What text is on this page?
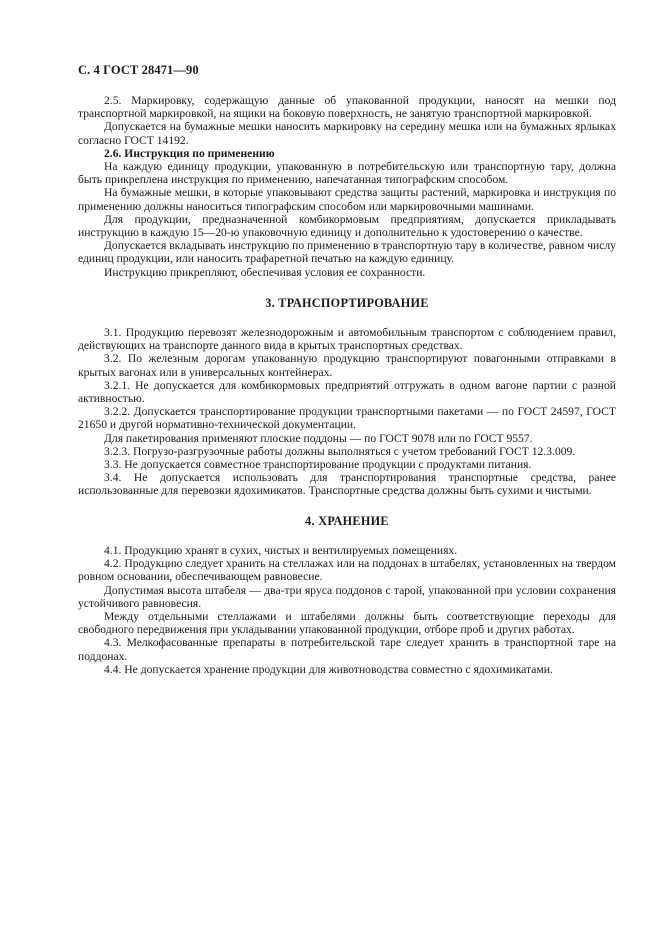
С. 4 ГОСТ 28471—90

2.5. Маркировку, содержащую данные об упакованной продукции, наносят на мешки под транспортной маркировкой, на ящики на боковую поверхность, не занятую транспортной маркировкой.

Допускается на бумажные мешки наносить маркировку на середину мешка или на бумажных ярлыках согласно ГОСТ 14192.

2.6. Инструкция по применению

На каждую единицу продукции, упакованную в потребительскую или транспортную тару, должна быть прикреплена инструкция по применению, напечатанная типографским способом.

На бумажные мешки, в которые упаковывают средства защиты растений, маркировка и инструкция по применению должны наноситься типографским способом или маркировочными машинами.

Для продукции, предназначенной комбикормовым предприятиям, допускается прикладывать инструкцию в каждую 15—20-ю упаковочную единицу и дополнительно к удостоверению о качестве.

Допускается вкладывать инструкцию по применению в транспортную тару в количестве, равном числу единиц продукции, или наносить трафаретной печатью на каждую единицу.

Инструкцию прикрепляют, обеспечивая условия ее сохранности.

3. ТРАНСПОРТИРОВАНИЕ

3.1. Продукцию перевозят железнодорожным и автомобильным транспортом с соблюдением правил, действующих на транспорте данного вида в крытых транспортных средствах.

3.2. По железным дорогам упакованную продукцию транспортируют повагонными отправками в крытых вагонах или в универсальных контейнерах.

3.2.1. Не допускается для комбикормовых предприятий отгружать в одном вагоне партии с разной активностью.

3.2.2. Допускается транспортирование продукции транспортными пакетами — по ГОСТ 24597, ГОСТ 21650 и другой нормативно-технической документации.

Для пакетирования применяют плоские поддоны — по ГОСТ 9078 или по ГОСТ 9557.

3.2.3. Погрузо-разгрузочные работы должны выполняться с учетом требований ГОСТ 12.3.009.

3.3. Не допускается совместное транспортирование продукции с продуктами питания.

3.4. Не допускается использовать для транспортирования транспортные средства, ранее использованные для перевозки ядохимикатов. Транспортные средства должны быть сухими и чистыми.

4. ХРАНЕНИЕ

4.1. Продукцию хранят в сухих, чистых и вентилируемых помещениях.

4.2. Продукцию следует хранить на стеллажах или на поддонах в штабелях, установленных на твердом ровном основании, обеспечивающем равновесие.

Допустимая высота штабеля — два-три яруса поддонов с тарой, упакованной при условии сохранения устойчивого равновесия.

Между отдельными стеллажами и штабелями должны быть соответствующие переходы для свободного передвижения при укладывании упакованной продукции, отборе проб и других работах.

4.3. Мелкофасованные препараты в потребительской таре следует хранить в транспортной таре на поддонах.

4.4. Не допускается хранение продукции для животноводства совместно с ядохимикатами.
